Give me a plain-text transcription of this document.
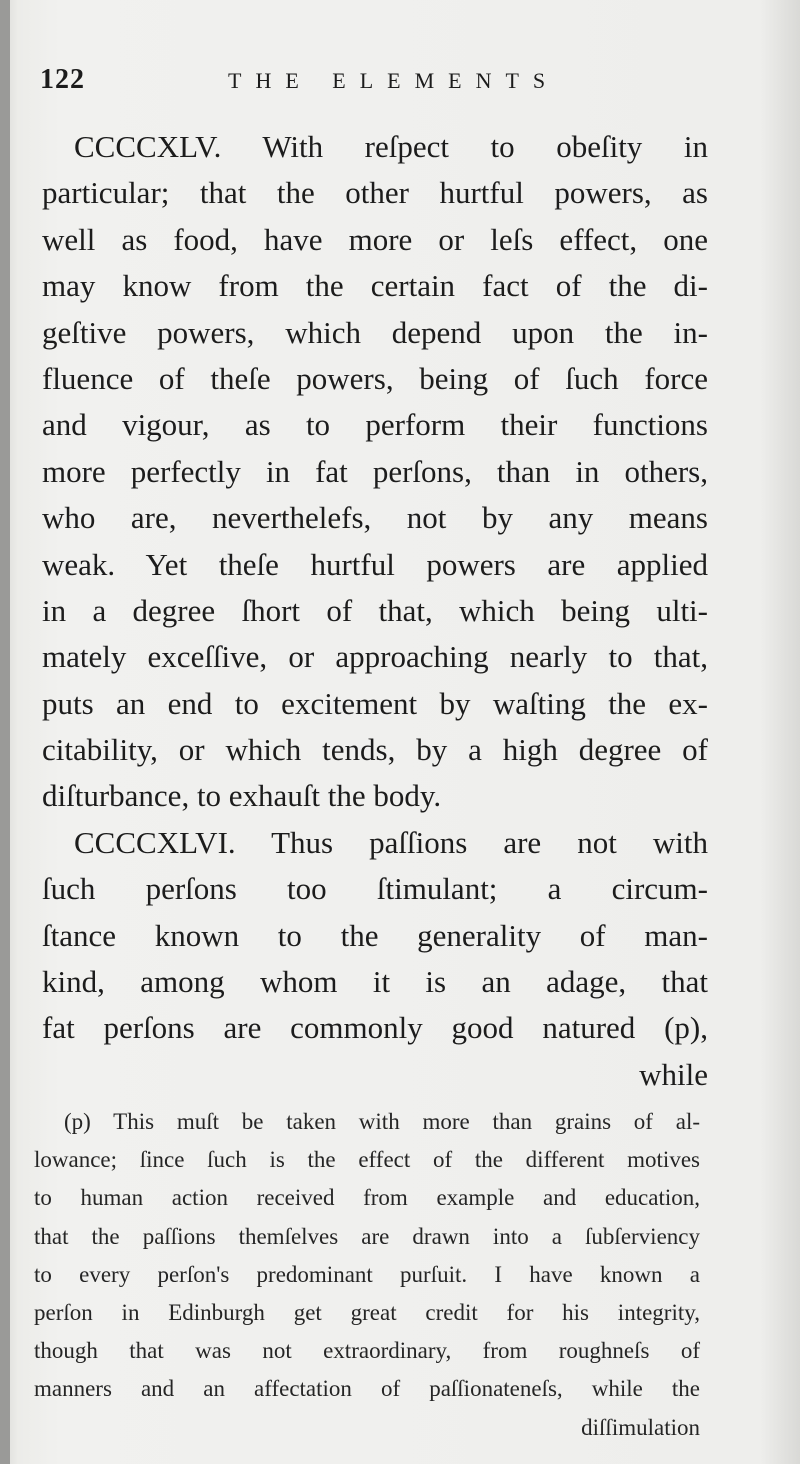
122	THE ELEMENTS
CCCCXLV. With reſpect to obeſity in
particular; that the other hurtful powers, as
well as food, have more or leſs effect, one
may know from the certain fact of the di-
geſtive powers, which depend upon the in-
fluence of theſe powers, being of ſuch force
and vigour, as to perform their functions
more perfectly in fat perſons, than in others,
who are, neverthelefs, not by any means
weak. Yet theſe hurtful powers are applied
in a degree ſhort of that, which being ulti-
mately exceſſive, or approaching nearly to that,
puts an end to excitement by waſting the ex-
citability, or which tends, by a high degree of
diſturbance, to exhauſt the body.
CCCCXLVI. Thus paſſions are not with
ſuch perſons too ſtimulant; a circum-
ſtance known to the generality of man-
kind, among whom it is an adage, that
fat perſons are commonly good natured (p),
while
(p) This muſt be taken with more than grains of al-
lowance; ſince ſuch is the effect of the different motives
to human action received from example and education,
that the paſſions themſelves are drawn into a ſubſerviency
to every perſon's predominant purſuit. I have known a
perſon in Edinburgh get great credit for his integrity,
though that was not extraordinary, from roughneſs of
manners and an affectation of paſſionateneſs, while the
diſſimulation
